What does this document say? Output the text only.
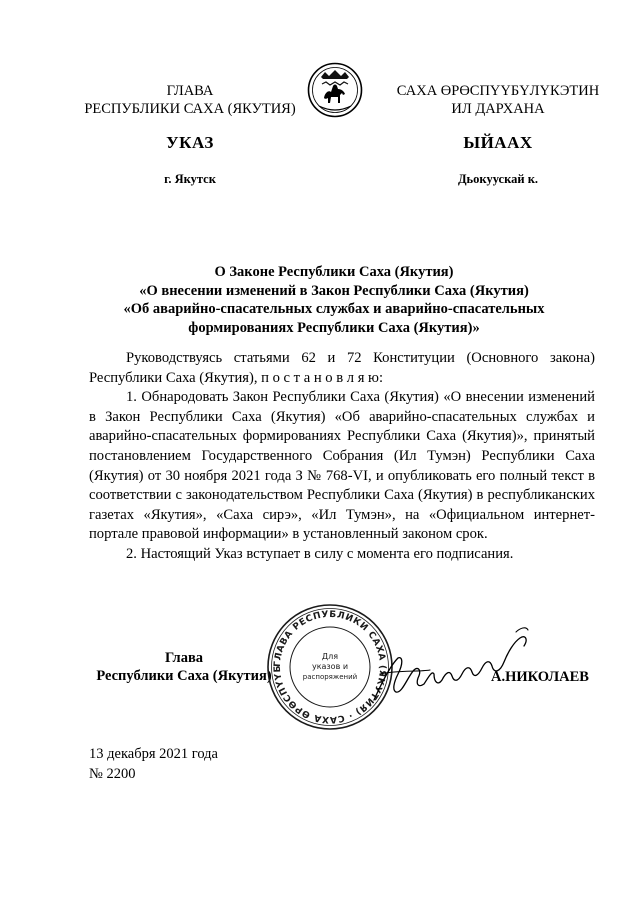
ГЛАВА
РЕСПУБЛИКИ САХА (ЯКУТИЯ)
САХА ӨРӨСПҮҮБҮЛҮКЭТИН
ИЛ ДАРХАНА
УКАЗ	ЫЙААХ
г. Якутск	Дьокуускай к.
О Законе Республики Саха (Якутия)
«О внесении изменений в Закон Республики Саха (Якутия)
«Об аварийно-спасательных службах и аварийно-спасательных
формированиях Республики Саха (Якутия)»

Руководствуясь статьями 62 и 72 Конституции (Основного закона) Республики Саха (Якутия), п о с т а н о в л я ю:

1. Обнародовать Закон Республики Саха (Якутия) «О внесении изменений в Закон Республики Саха (Якутия) «Об аварийно-спасательных службах и аварийно-спасательных формированиях Республики Саха (Якутия)», принятый постановлением Государственного Собрания (Ил Тумэн) Республики Саха (Якутия) от 30 ноября 2021 года З № 768-VI, и опубликовать его полный текст в соответствии с законодательством Республики Саха (Якутия) в республиканских газетах «Якутия», «Саха сирэ», «Ил Тумэн», на «Официальном интернет-портале правовой информации» в установленный законом срок.

2. Настоящий Указ вступает в силу с момента его подписания.

Глава
Республики Саха (Якутия)
ГЛАВА РЕСПУБЛИКИ САХА (ЯКУТИЯ) · САХА ӨРӨСПҮҮБ
Для
указов и
распоряжений	А.НИКОЛАЕВ
13 декабря 2021 года
№ 2200
